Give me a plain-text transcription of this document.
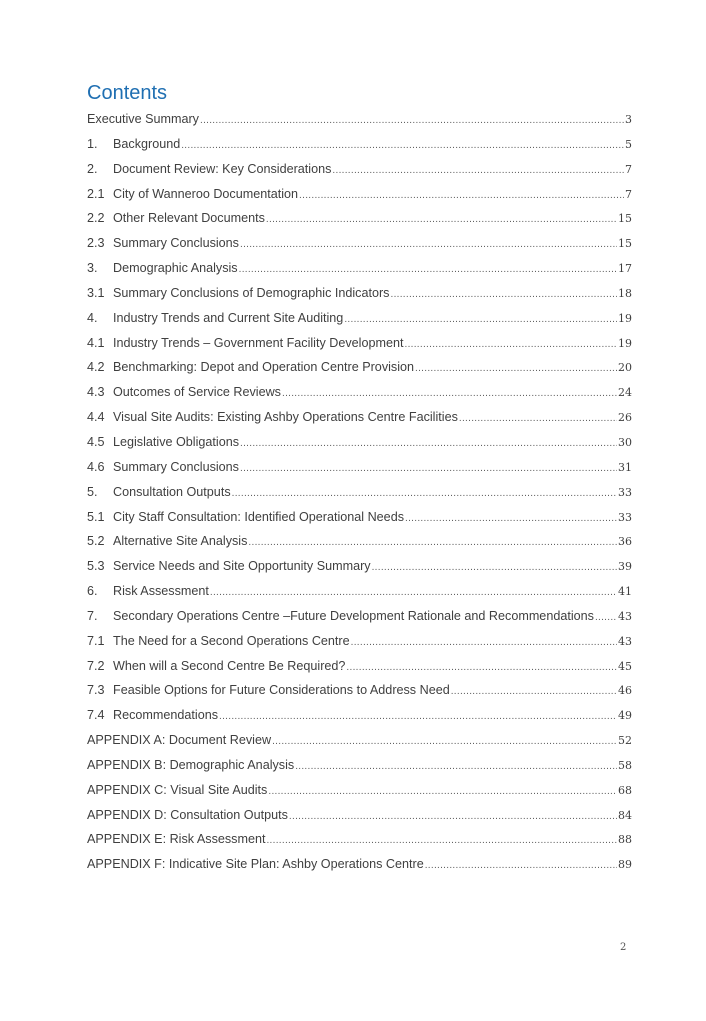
Contents
Executive Summary .....	3
1.	Background .....	5
2.	Document Review: Key Considerations .....	7
2.1 City of Wanneroo Documentation .....	7
2.2 Other Relevant Documents .....	15
2.3 Summary Conclusions .....	15
3.	Demographic Analysis .....	17
3.1 Summary Conclusions of Demographic Indicators .....	18
4.	Industry Trends and Current Site Auditing .....	19
4.1 Industry Trends – Government Facility Development .....	19
4.2 Benchmarking: Depot and Operation Centre Provision .....	20
4.3 Outcomes of Service Reviews .....	24
4.4 Visual Site Audits: Existing Ashby Operations Centre Facilities .....	26
4.5 Legislative Obligations .....	30
4.6 Summary Conclusions .....	31
5.	Consultation Outputs .....	33
5.1 City Staff Consultation: Identified Operational Needs .....	33
5.2 Alternative Site Analysis .....	36
5.3 Service Needs and Site Opportunity Summary .....	39
6.	Risk Assessment .....	41
7.	Secondary Operations Centre –Future Development Rationale and Recommendations ..... 43
7.1 The Need for a Second Operations Centre .....	43
7.2 When will a Second Centre Be Required? .....	45
7.3 Feasible Options for Future Considerations to Address Need .....	46
7.4 Recommendations .....	49
APPENDIX A: Document Review .....	52
APPENDIX B: Demographic Analysis .....	58
APPENDIX C: Visual Site Audits .....	68
APPENDIX D: Consultation Outputs .....	84
APPENDIX E: Risk Assessment .....	88
APPENDIX F: Indicative Site Plan: Ashby Operations Centre .....	89
2
